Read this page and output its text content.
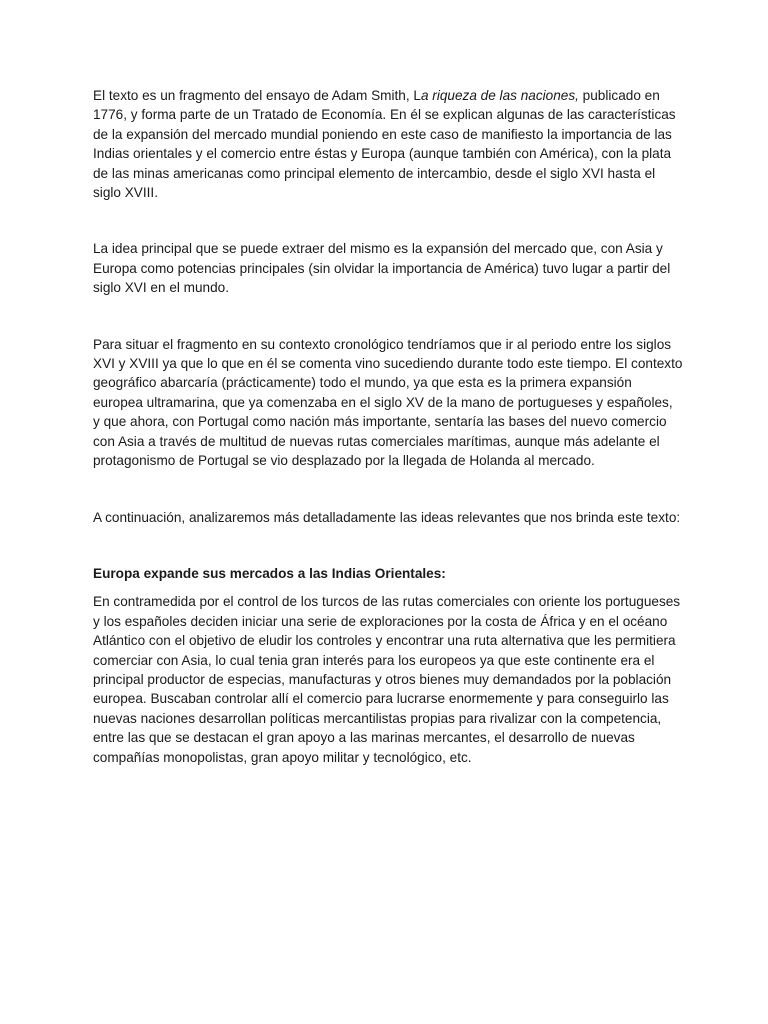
El texto es un fragmento del ensayo de Adam Smith, La riqueza de las naciones, publicado en 1776, y forma parte de un Tratado de Economía. En él se explican algunas de las características de la expansión del mercado mundial poniendo en este caso de manifiesto la importancia de las Indias orientales y el comercio entre éstas y Europa (aunque también con América), con la plata de las minas americanas como principal elemento de intercambio, desde el siglo XVI hasta el siglo XVIII.

La idea principal que se puede extraer del mismo es la expansión del mercado que, con Asia y Europa como potencias principales (sin olvidar la importancia de América) tuvo lugar a partir del siglo XVI en el mundo.

Para situar el fragmento en su contexto cronológico tendríamos que ir al periodo entre los siglos XVI y XVIII ya que lo que en él se comenta vino sucediendo durante todo este tiempo. El contexto geográfico abarcaría (prácticamente) todo el mundo, ya que esta es la primera expansión europea ultramarina, que ya comenzaba en el siglo XV de la mano de portugueses y españoles, y que ahora, con Portugal como nación más importante, sentaría las bases del nuevo comercio con Asia a través de multitud de nuevas rutas comerciales marítimas, aunque más adelante el protagonismo de Portugal se vio desplazado por la llegada de Holanda al mercado.

A continuación, analizaremos más detalladamente las ideas relevantes que nos brinda este texto:

Europa expande sus mercados a las Indias Orientales:

En contramedida por el control de los turcos de las rutas comerciales con oriente los portugueses y los españoles deciden iniciar una serie de exploraciones por la costa de África y en el océano Atlántico con el objetivo de eludir los controles y encontrar una ruta alternativa que les permitiera comerciar con Asia, lo cual tenia gran interés para los europeos ya que este continente era el principal productor de especias, manufacturas y otros bienes muy demandados por la población europea. Buscaban controlar allí el comercio para lucrarse enormemente y para conseguirlo las nuevas naciones desarrollan políticas mercantilistas propias para rivalizar con la competencia, entre las que se destacan el gran apoyo a las marinas mercantes, el desarrollo de nuevas compañías monopolistas, gran apoyo militar y tecnológico, etc.
